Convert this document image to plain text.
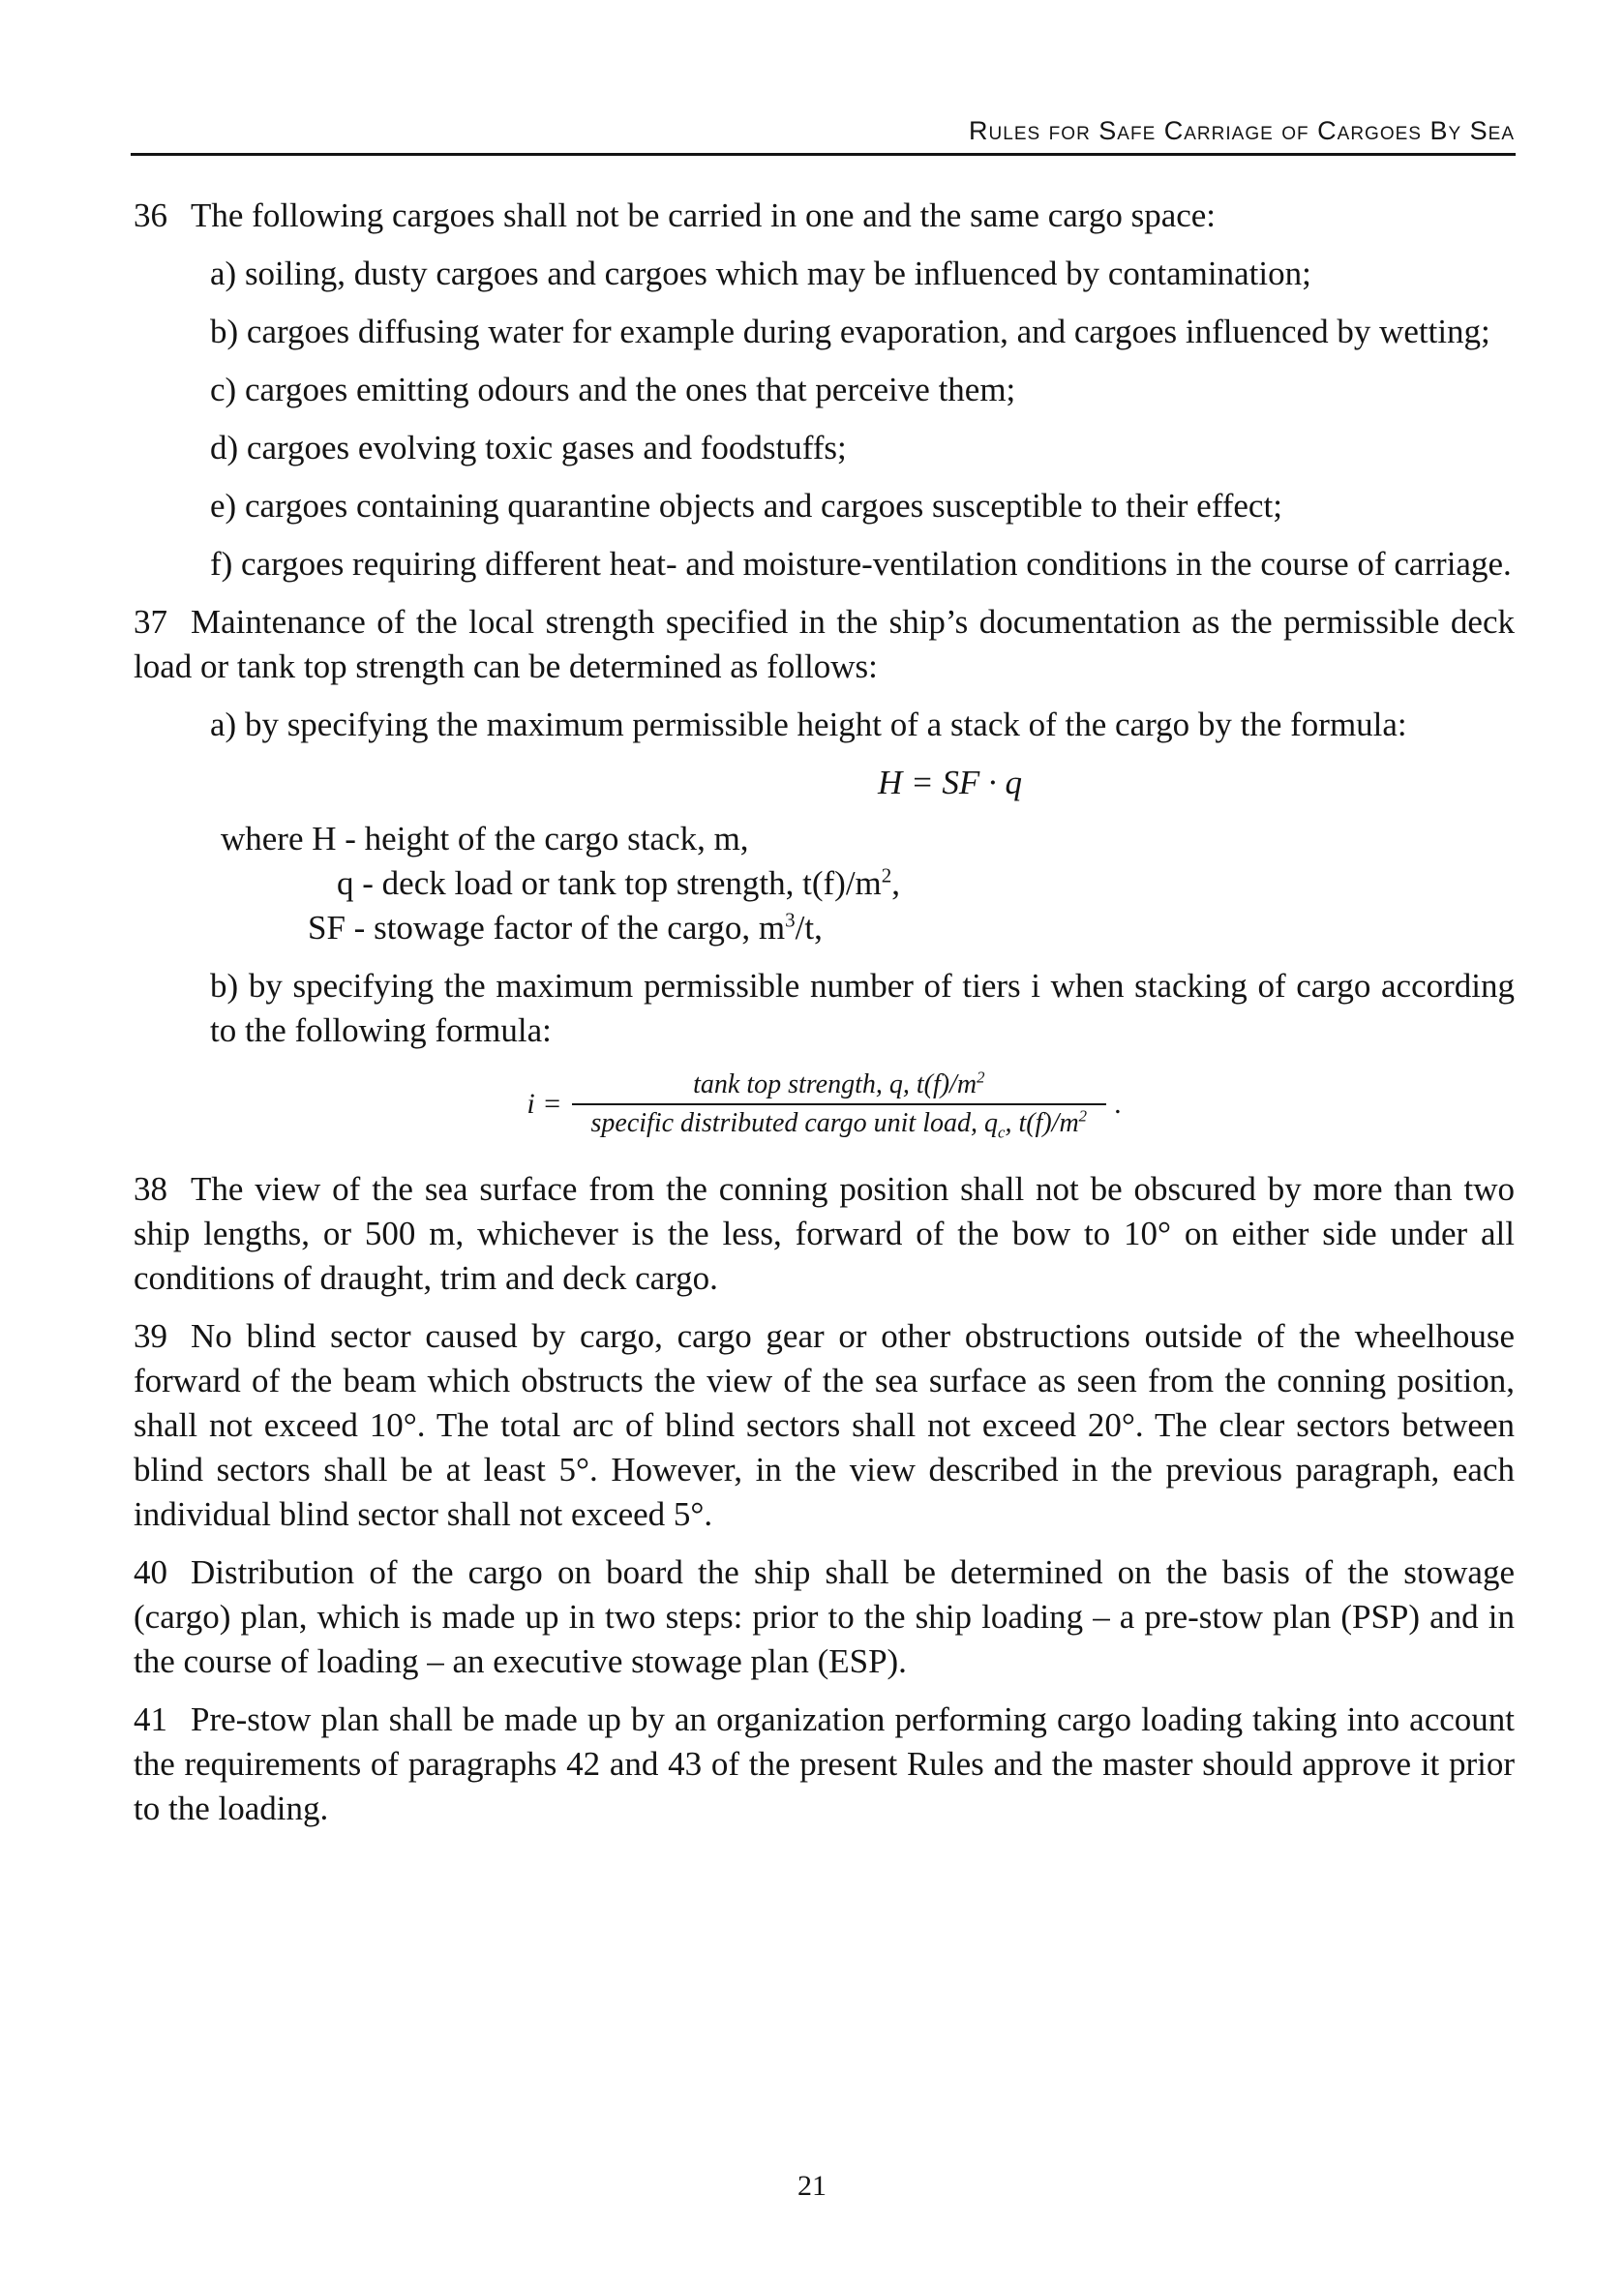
Rules for Safe Carriage of Cargoes By Sea

36 The following cargoes shall not be carried in one and the same cargo space:

a) soiling, dusty cargoes and cargoes which may be influenced by contamination;

b) cargoes diffusing water for example during evaporation, and cargoes influenced by wetting;

c) cargoes emitting odours and the ones that perceive them;

d) cargoes evolving toxic gases and foodstuffs;

e) cargoes containing quarantine objects and cargoes susceptible to their effect;

f) cargoes requiring different heat- and moisture-ventilation conditions in the course of carriage.

37 Maintenance of the local strength specified in the ship’s documentation as the permissible deck load or tank top strength can be determined as follows:

a) by specifying the maximum permissible height of a stack of the cargo by the formula:

H = SF · q

where H - height of the cargo stack, m,

q - deck load or tank top strength, $t(f)/m^2$,

SF - stowage factor of the cargo, $m^3/t$,

b) by specifying the maximum permissible number of tiers i when stacking of cargo according to the following formula:

$i = \frac{\tan k top strength, q, t(f)/m^2}{specific distributed cargo unit load, q_c, t(f)/m^2}$ .

38 The view of the sea surface from the conning position shall not be obscured by more than two ship lengths, or 500 m, whichever is the less, forward of the bow to 10° on either side under all conditions of draught, trim and deck cargo.

39 No blind sector caused by cargo, cargo gear or other obstructions outside of the wheelhouse forward of the beam which obstructs the view of the sea surface as seen from the conning position, shall not exceed 10°. The total arc of blind sectors shall not exceed 20°. The clear sectors between blind sectors shall be at least 5°. However, in the view described in the previous paragraph, each individual blind sector shall not exceed 5°.

40 Distribution of the cargo on board the ship shall be determined on the basis of the stowage (cargo) plan, which is made up in two steps: prior to the ship loading – a pre-stow plan (PSP) and in the course of loading – an executive stowage plan (ESP).

41 Pre-stow plan shall be made up by an organization performing cargo loading taking into account the requirements of paragraphs 42 and 43 of the present Rules and the master should approve it prior to the loading.

21
